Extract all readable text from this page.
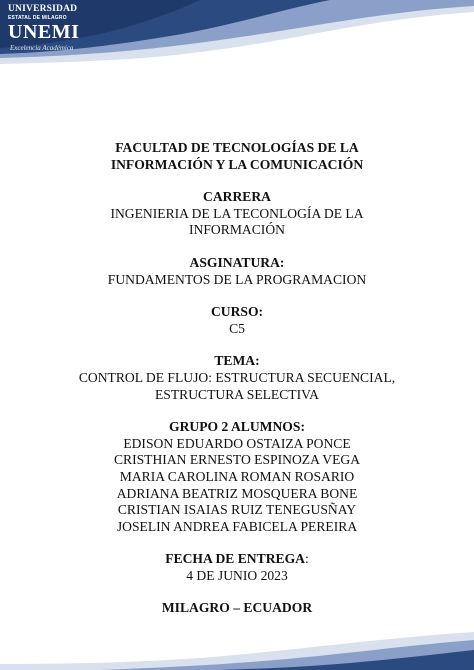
UNIVERSIDAD
ESTATAL DE MILAGRO
UNEMI
Excelencia Académica
FACULTAD DE TECNOLOGÍAS DE LA
INFORMACIÓN Y LA COMUNICACIÓN
CARRERA
INGENIERIA DE LA TECONLOGÍA DE LA
INFORMACIÓN
ASGINATURA:
FUNDAMENTOS DE LA PROGRAMACION
CURSO:
C5
TEMA:
CONTROL DE FLUJO: ESTRUCTURA SECUENCIAL,
ESTRUCTURA SELECTIVA
GRUPO 2 ALUMNOS:
EDISON EDUARDO OSTAIZA PONCE
CRISTHIAN ERNESTO ESPINOZA VEGA
MARIA CAROLINA ROMAN ROSARIO
ADRIANA BEATRIZ MOSQUERA BONE
CRISTIAN ISAIAS RUIZ TENEGUSÑAY
JOSELIN ANDREA FABICELA PEREIRA
FECHA DE ENTREGA:
4 DE JUNIO 2023
MILAGRO – ECUADOR
